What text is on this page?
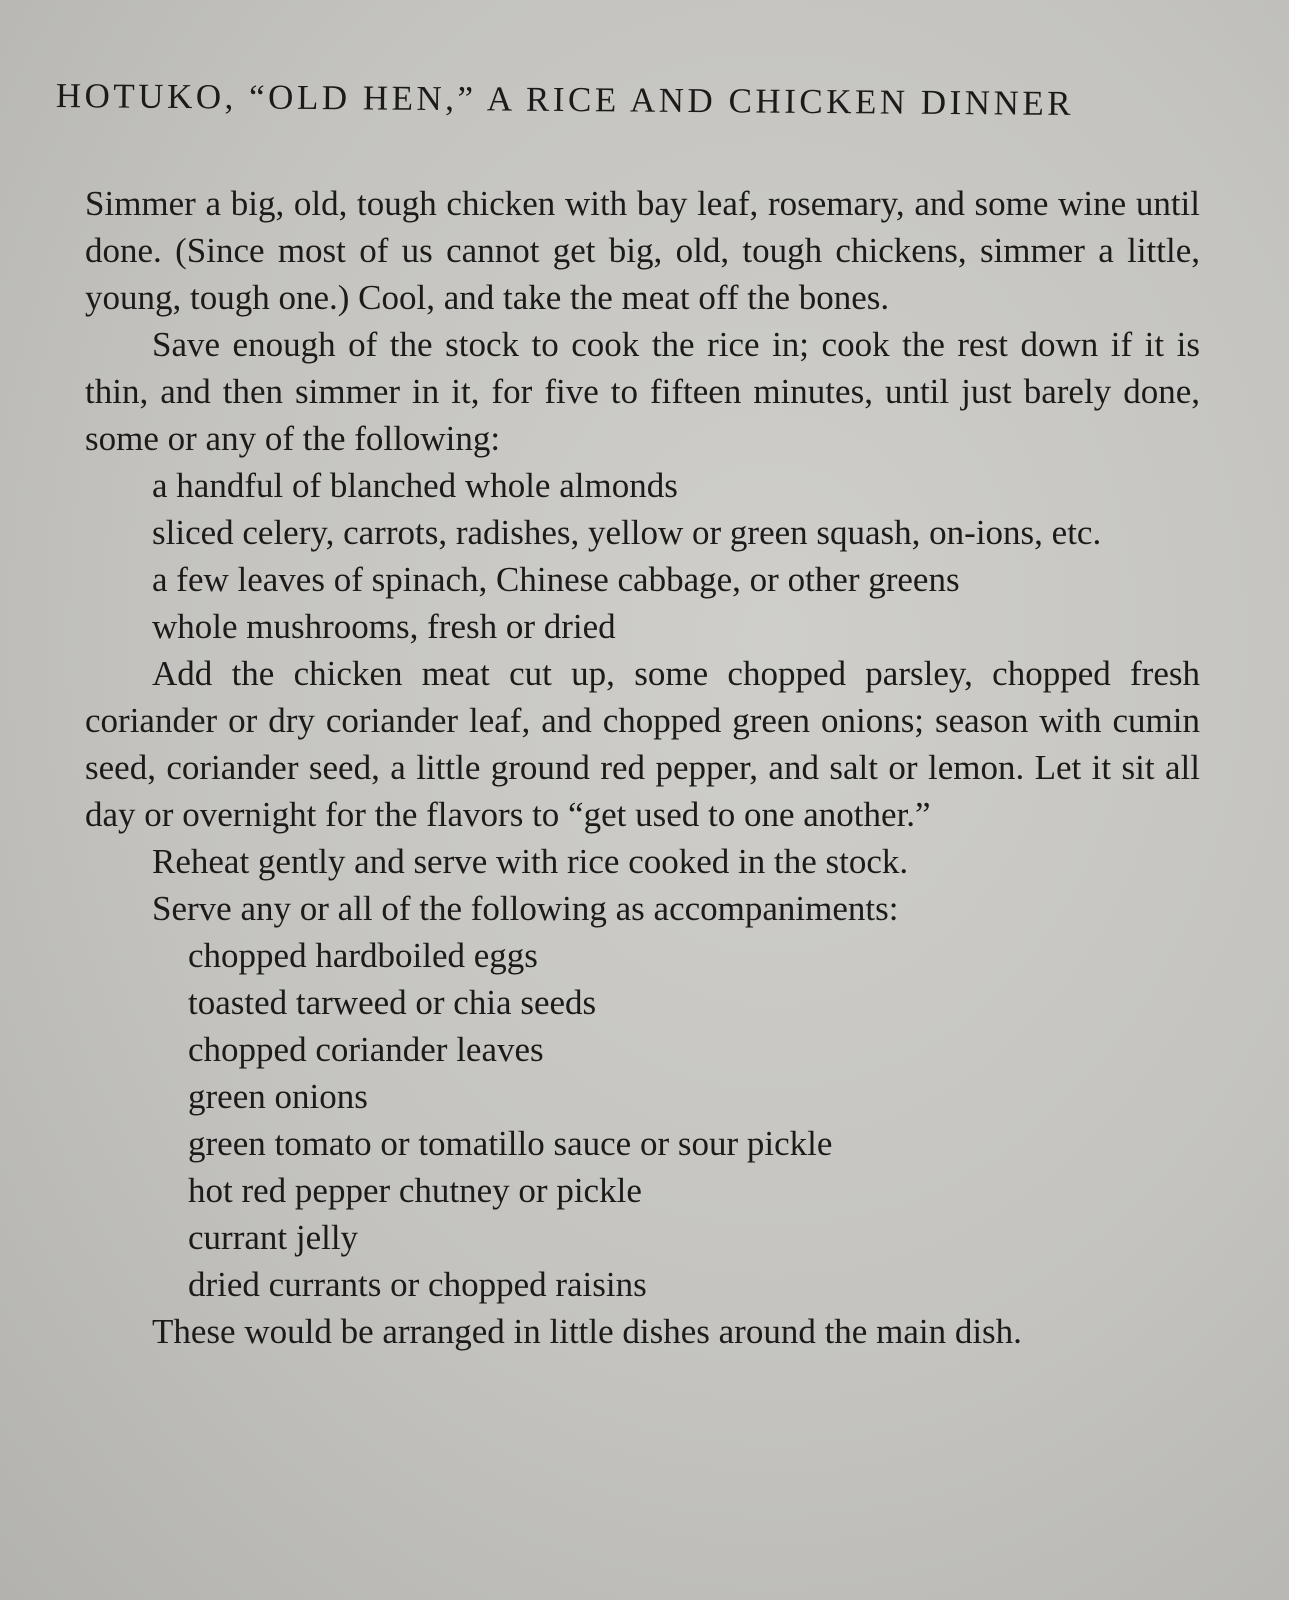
HOTUKO, “OLD HEN,” A RICE AND CHICKEN DINNER

Simmer a big, old, tough chicken with bay leaf, rosemary, and some wine until done. (Since most of us cannot get big, old, tough chickens, simmer a little, young, tough one.) Cool, and take the meat off the bones.

Save enough of the stock to cook the rice in; cook the rest down if it is thin, and then simmer in it, for five to fifteen minutes, until just barely done, some or any of the following:

a handful of blanched whole almonds
sliced celery, carrots, radishes, yellow or green squash, on-ions, etc.
a few leaves of spinach, Chinese cabbage, or other greens
whole mushrooms, fresh or dried

Add the chicken meat cut up, some chopped parsley, chopped fresh coriander or dry coriander leaf, and chopped green onions; season with cumin seed, coriander seed, a little ground red pepper, and salt or lemon. Let it sit all day or overnight for the flavors to “get used to one another.”

Reheat gently and serve with rice cooked in the stock.

Serve any or all of the following as accompaniments:

chopped hardboiled eggs
toasted tarweed or chia seeds
chopped coriander leaves
green onions
green tomato or tomatillo sauce or sour pickle
hot red pepper chutney or pickle
currant jelly
dried currants or chopped raisins

These would be arranged in little dishes around the main dish.
